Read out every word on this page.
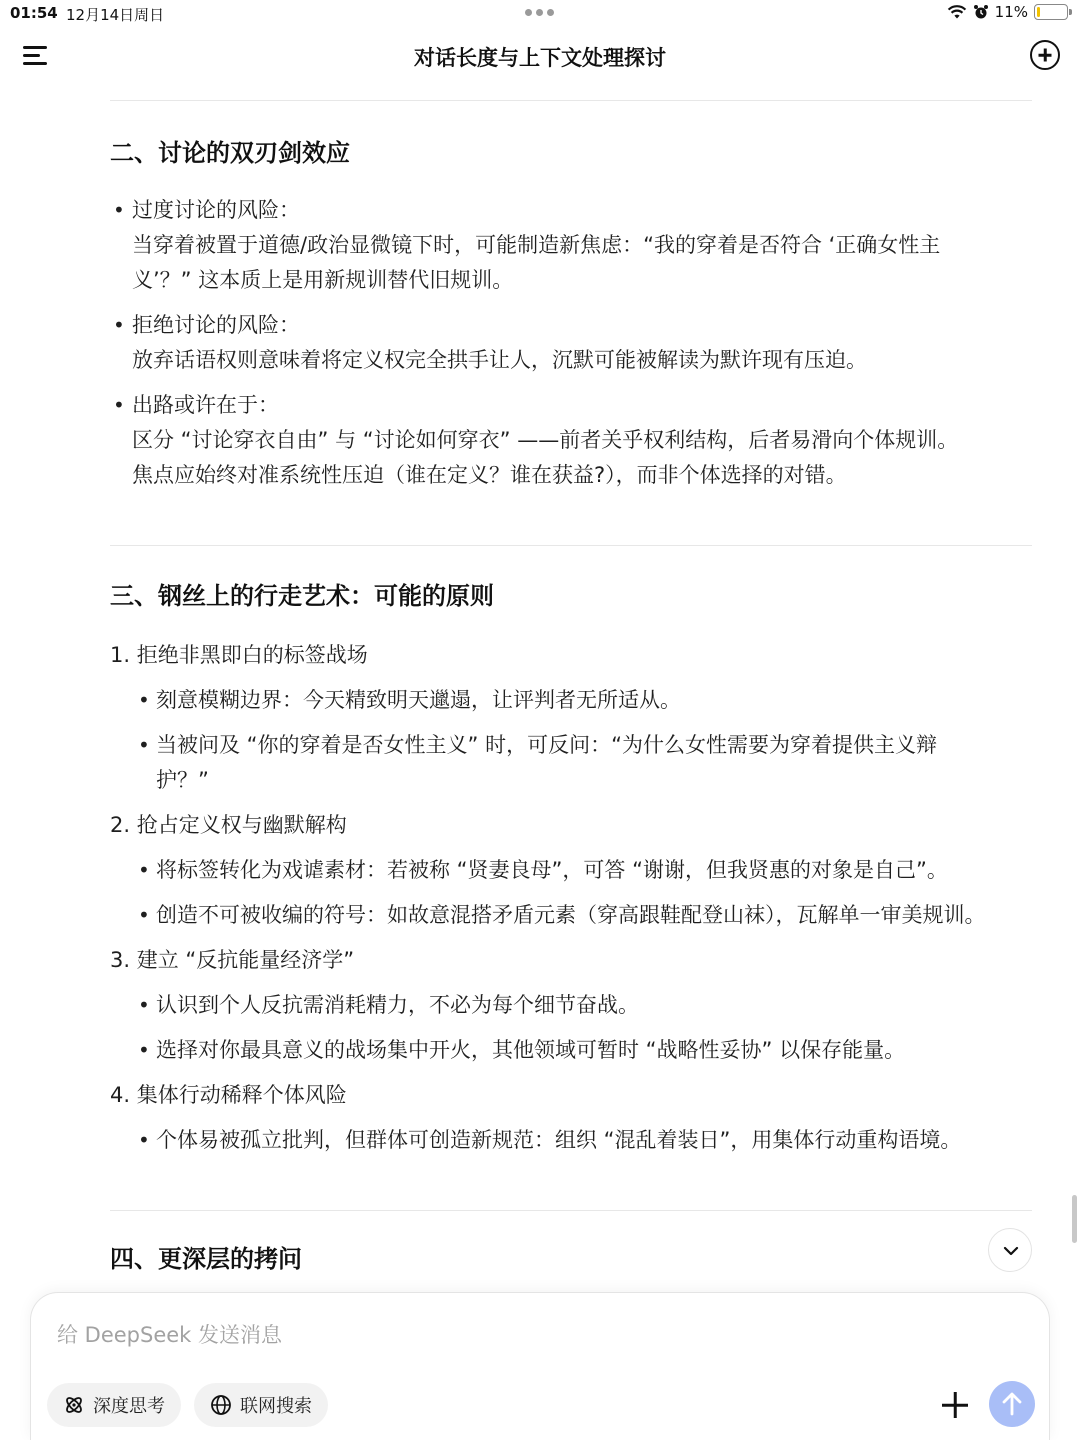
01:54 12月14日周日	11%
对话长度与上下文处理探讨
二、讨论的双刃剑效应
• 过度讨论的风险：
当穿着被置于道德/政治显微镜下时，可能制造新焦虑：“我的穿着是否符合 ‘正确女性主
义’？” 这本质上是用新规训替代旧规训。
• 拒绝讨论的风险：
放弃话语权则意味着将定义权完全拱手让人，沉默可能被解读为默许现有压迫。
• 出路或许在于：
区分 “讨论穿衣自由” 与 “讨论如何穿衣” ——前者关乎权利结构，后者易滑向个体规训。
焦点应始终对准系统性压迫（谁在定义？谁在获益?），而非个体选择的对错。
三、钢丝上的行走艺术：可能的原则
1. 拒绝非黑即白的标签战场
• 刻意模糊边界：今天精致明天邋遢，让评判者无所适从。
• 当被问及 “你的穿着是否女性主义” 时，可反问：“为什么女性需要为穿着提供主义辩
护？”
2. 抢占定义权与幽默解构
• 将标签转化为戏谑素材：若被称 “贤妻良母”，可答 “谢谢，但我贤惠的对象是自己”。
• 创造不可被收编的符号：如故意混搭矛盾元素（穿高跟鞋配登山袜），瓦解单一审美规训。
3. 建立 “反抗能量经济学”
• 认识到个人反抗需消耗精力，不必为每个细节奋战。
• 选择对你最具意义的战场集中开火，其他领域可暂时 “战略性妥协” 以保存能量。
4. 集体行动稀释个体风险
• 个体易被孤立批判，但群体可创造新规范：组织 “混乱着装日”，用集体行动重构语境。
四、更深层的拷问
给 DeepSeek 发送消息
深度思考	联网搜索
